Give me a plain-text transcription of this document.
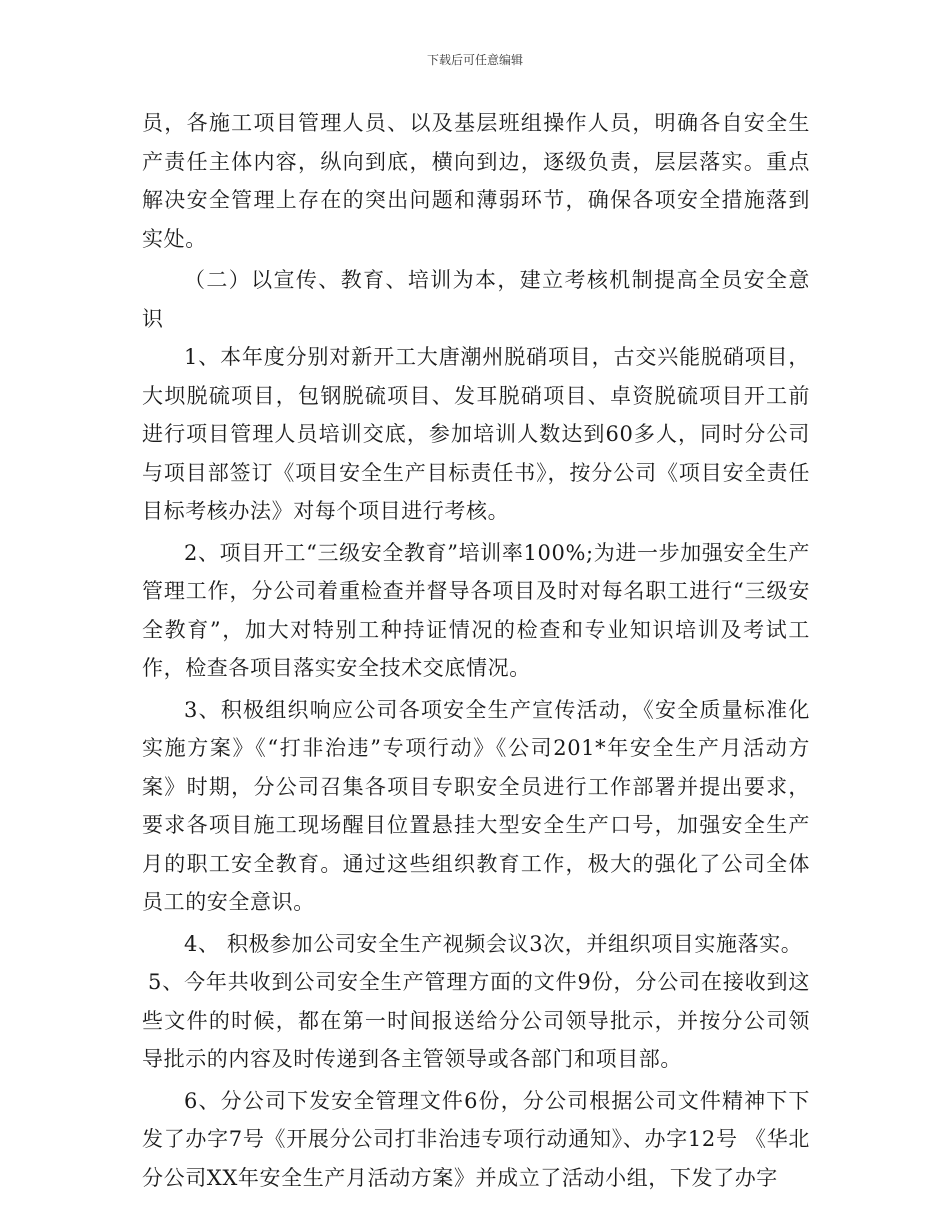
下载后可任意编辑

员，各施工项目管理人员、以及基层班组操作人员，明确各自安全生产责任主体内容，纵向到底，横向到边，逐级负责，层层落实。重点解决安全管理上存在的突出问题和薄弱环节，确保各项安全措施落到实处。

（二）以宣传、教育、培训为本，建立考核机制提高全员安全意识

1、本年度分别对新开工大唐潮州脱硝项目，古交兴能脱硝项目，大坝脱硫项目，包钢脱硫项目、发耳脱硝项目、卓资脱硫项目开工前进行项目管理人员培训交底，参加培训人数达到60多人，同时分公司与项目部签订《项目安全生产目标责任书》，按分公司《项目安全责任目标考核办法》对每个项目进行考核。

2、项目开工“三级安全教育”培训率100%;为进一步加强安全生产管理工作，分公司着重检查并督导各项目及时对每名职工进行“三级安全教育”，加大对特别工种持证情况的检查和专业知识培训及考试工作，检查各项目落实安全技术交底情况。

3、积极组织响应公司各项安全生产宣传活动，《安全质量标准化实施方案》《“打非治违”专项行动》《公司201*年安全生产月活动方案》时期，分公司召集各项目专职安全员进行工作部署并提出要求，要求各项目施工现场醒目位置悬挂大型安全生产口号，加强安全生产月的职工安全教育。通过这些组织教育工作，极大的强化了公司全体员工的安全意识。

4、 积极参加公司安全生产视频会议3次，并组织项目实施落实。

5、今年共收到公司安全生产管理方面的文件9份，分公司在接收到这些文件的时候，都在第一时间报送给分公司领导批示，并按分公司领导批示的内容及时传递到各主管领导或各部门和项目部。

6、分公司下发安全管理文件6份，分公司根据公司文件精神下下发了办字7号《开展分公司打非治违专项行动通知》、办字12号 《华北分公司XX年安全生产月活动方案》并成立了活动小组，下发了办字
